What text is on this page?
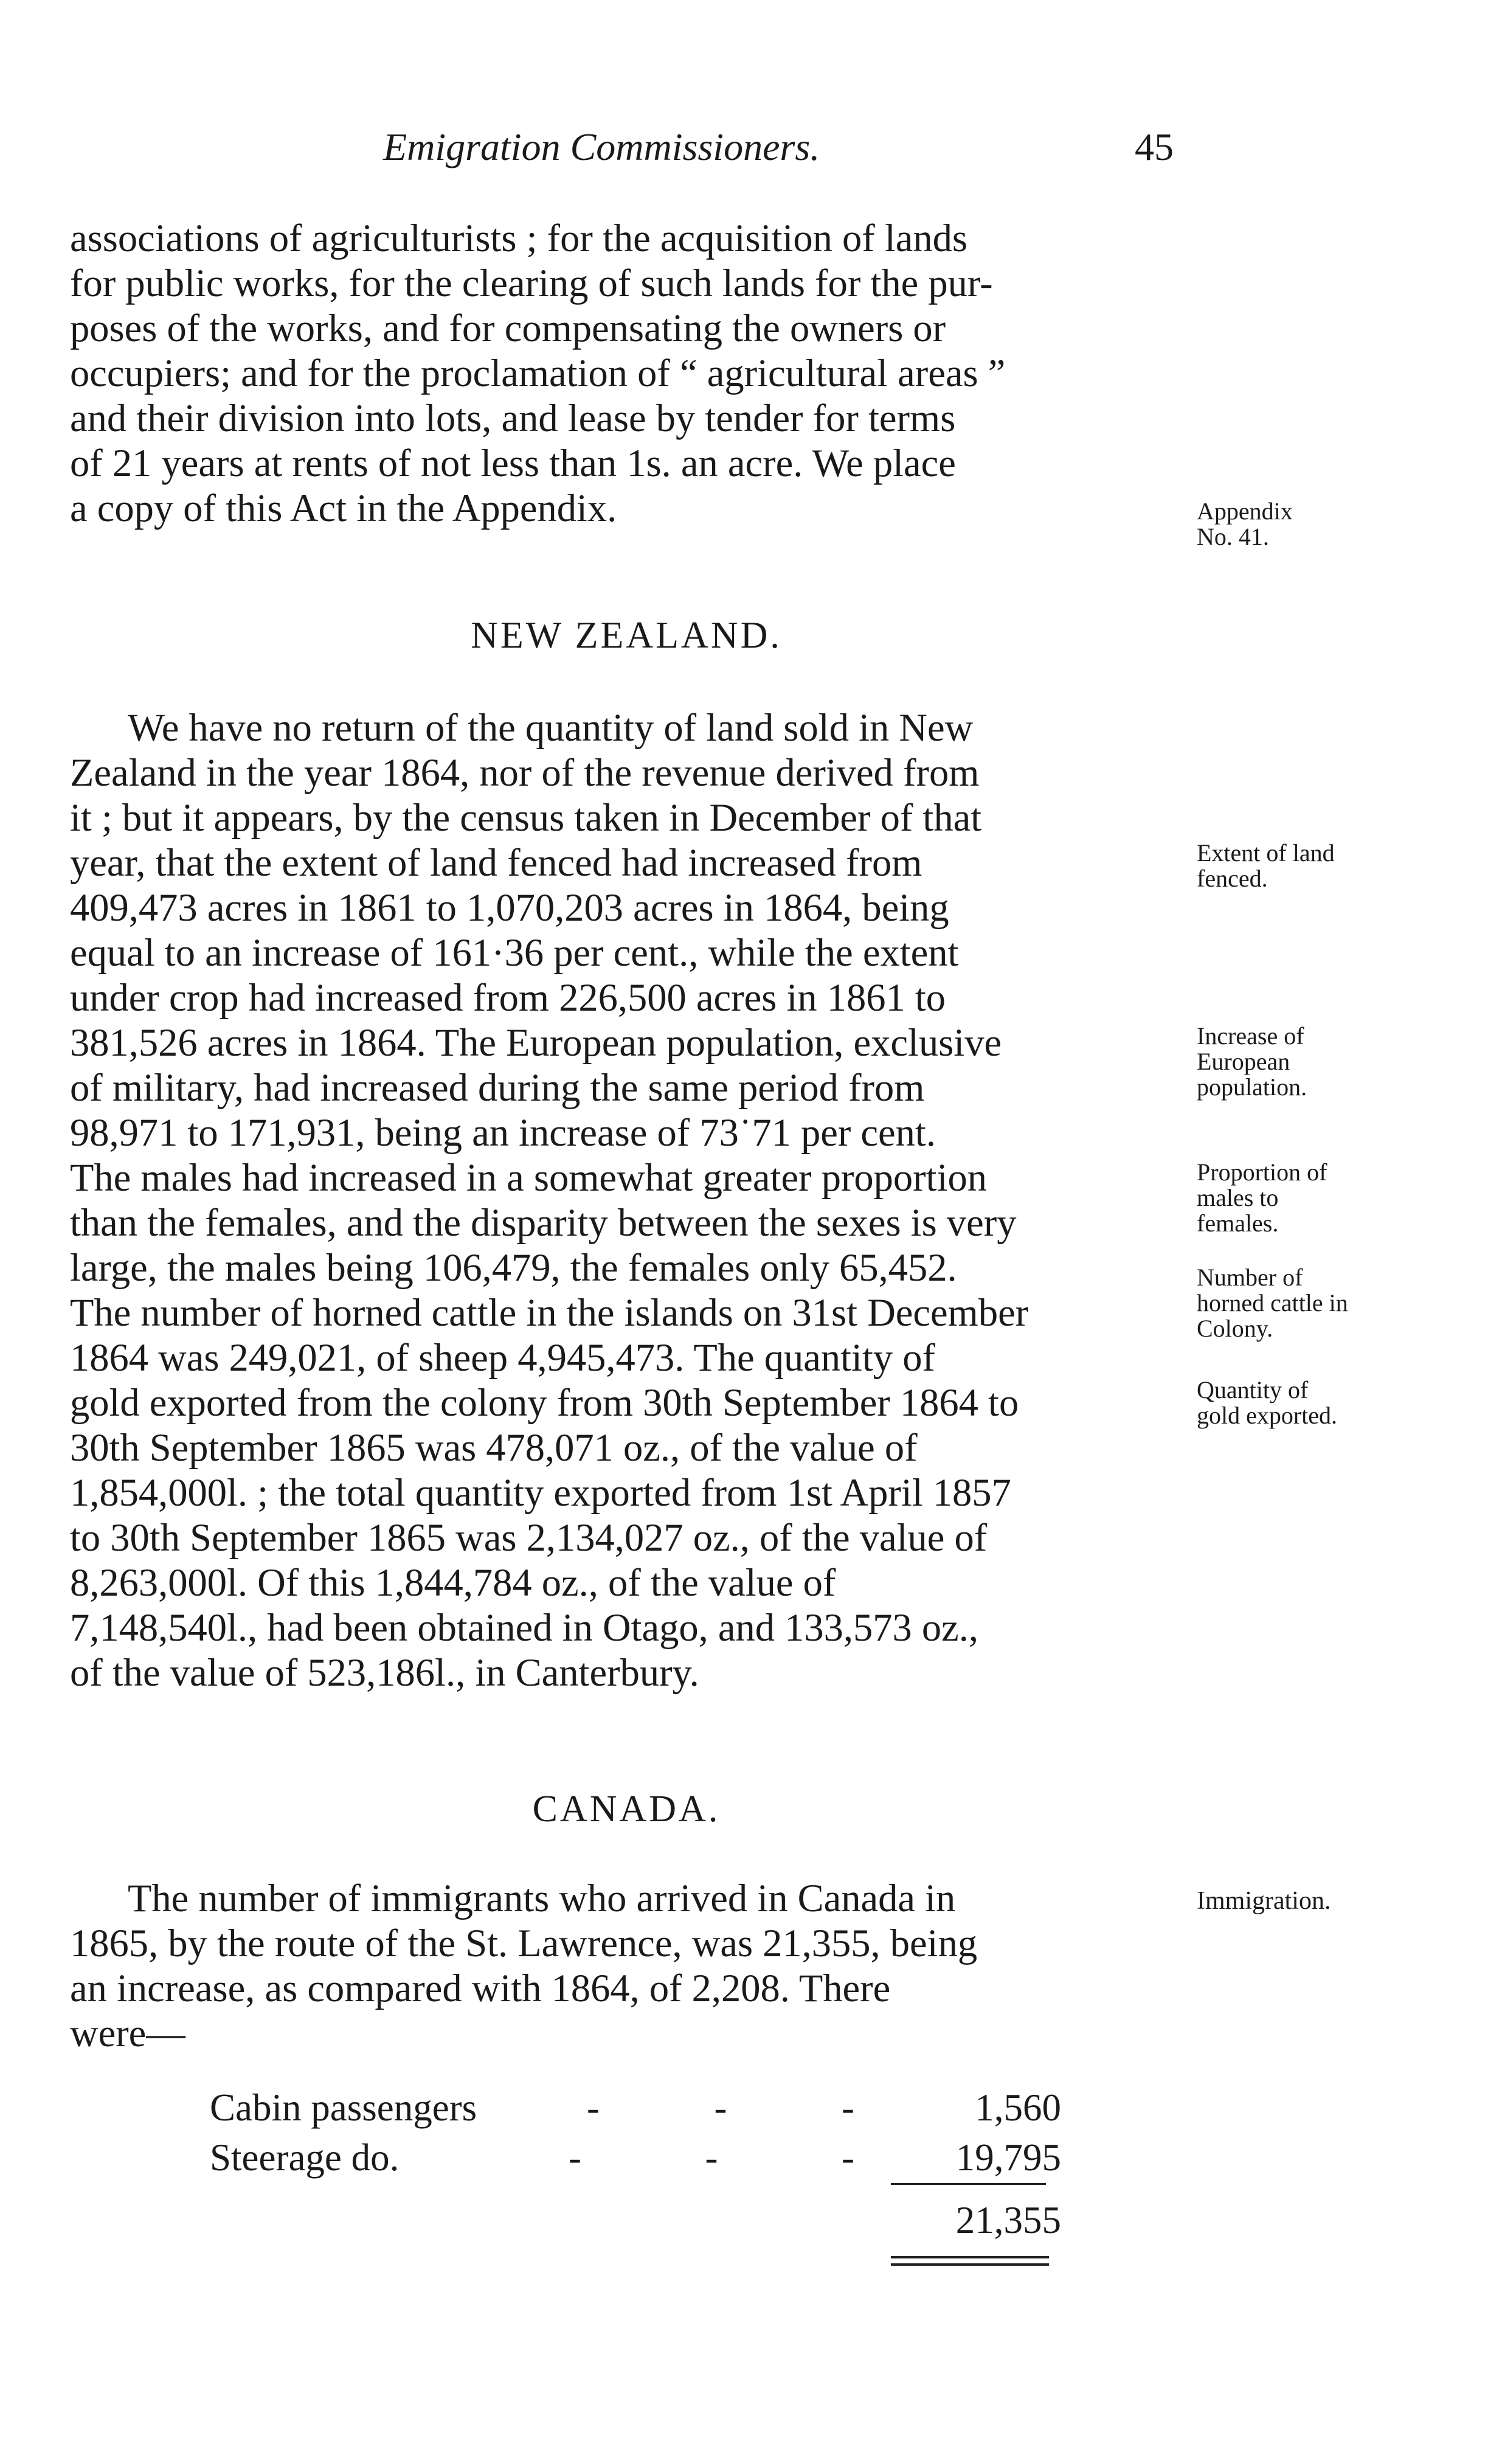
Emigration Commissioners.	45

associations of agriculturists ; for the acquisition of lands

for public works, for the clearing of such lands for the pur-

poses of the works, and for compensating the owners or

occupiers; and for the proclamation of “ agricultural areas ”

and their division into lots, and lease by tender for terms

of 21 years at rents of not less than 1s. an acre. We place

a copy of this Act in the Appendix.	Appendix
No. 41.
NEW ZEALAND.

We have no return of the quantity of land sold in New

Zealand in the year 1864, nor of the revenue derived from

it ; but it appears, by the census taken in December of that

year, that the extent of land fenced had increased from

409,473 acres in 1861 to 1,070,203 acres in 1864, being

equal to an increase of 161·36 per cent., while the extent

under crop had increased from 226,500 acres in 1861 to

381,526 acres in 1864. The European population, exclusive

of military, had increased during the same period from

98,971 to 171,931, being an increase of 73˙71 per cent.

The males had increased in a somewhat greater proportion

than the females, and the disparity between the sexes is very

large, the males being 106,479, the females only 65,452.

The number of horned cattle in the islands on 31st December

1864 was 249,021, of sheep 4,945,473. The quantity of

gold exported from the colony from 30th September 1864 to

30th September 1865 was 478,071 oz., of the value of

1,854,000l. ; the total quantity exported from 1st April 1857

to 30th September 1865 was 2,134,027 oz., of the value of

8,263,000l. Of this 1,844,784 oz., of the value of

7,148,540l., had been obtained in Otago, and 133,573 oz.,

of the value of 523,186l., in Canterbury.

Extent of land
fenced.
Increase of
European
population.
Proportion of
males to
females.
Number of
horned cattle in
Colony.
Quantity of
gold exported.
CANADA.

The number of immigrants who arrived in Canada in

1865, by the route of the St. Lawrence, was 21,355, being

an increase, as compared with 1864, of 2,208. There

were—

Immigration.
Cabin passengers	-	-	-	1,560
Steerage do.	-	-	-	19,795
21,355
